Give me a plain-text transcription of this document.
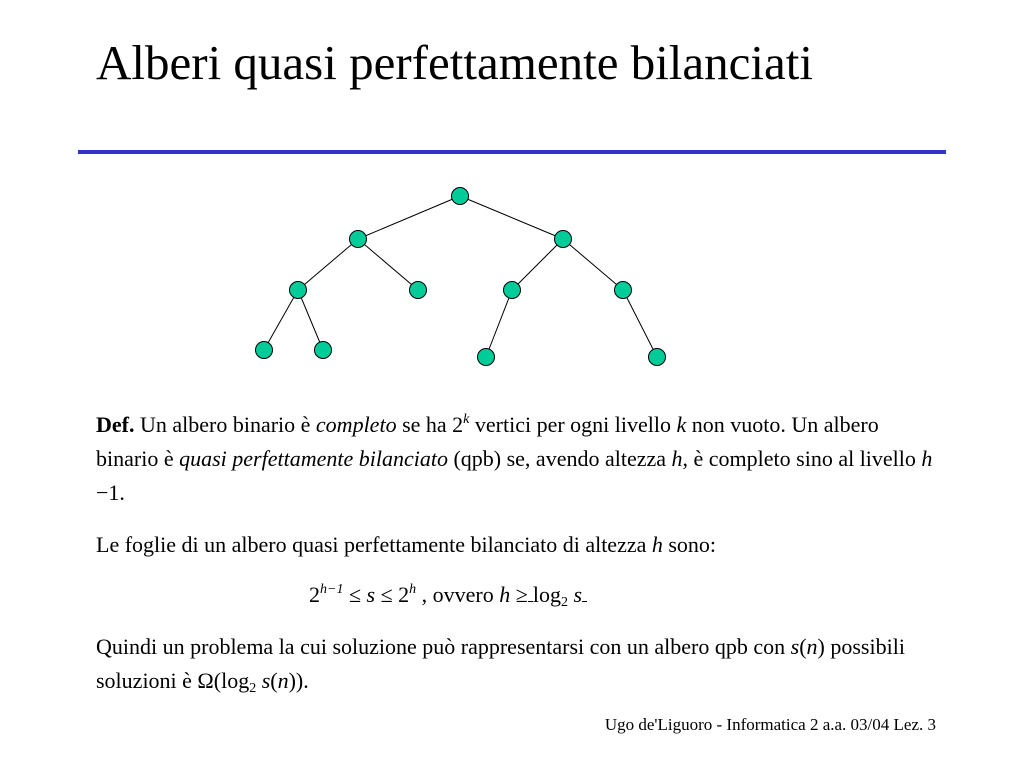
Alberi quasi perfettamente bilanciati
Def. Un albero binario è completo se ha 2$^k$ vertici per ogni livello k non vuoto. Un albero binario è quasi perfettamente bilanciato (qpb) se, avendo altezza h, è completo sino al livello h −1.
Le foglie di un albero quasi perfettamente bilanciato di altezza h sono:
$2^{h-1} \le s \le 2^h$ , ovvero $h \ge \log_2 s$
Quindi un problema la cui soluzione può rappresentarsi con un albero qpb con s(n) possibili soluzioni è $\Omega(\log_2$ s(n)).
Ugo de'Liguoro - Informatica 2 a.a. 03/04 Lez. 3
